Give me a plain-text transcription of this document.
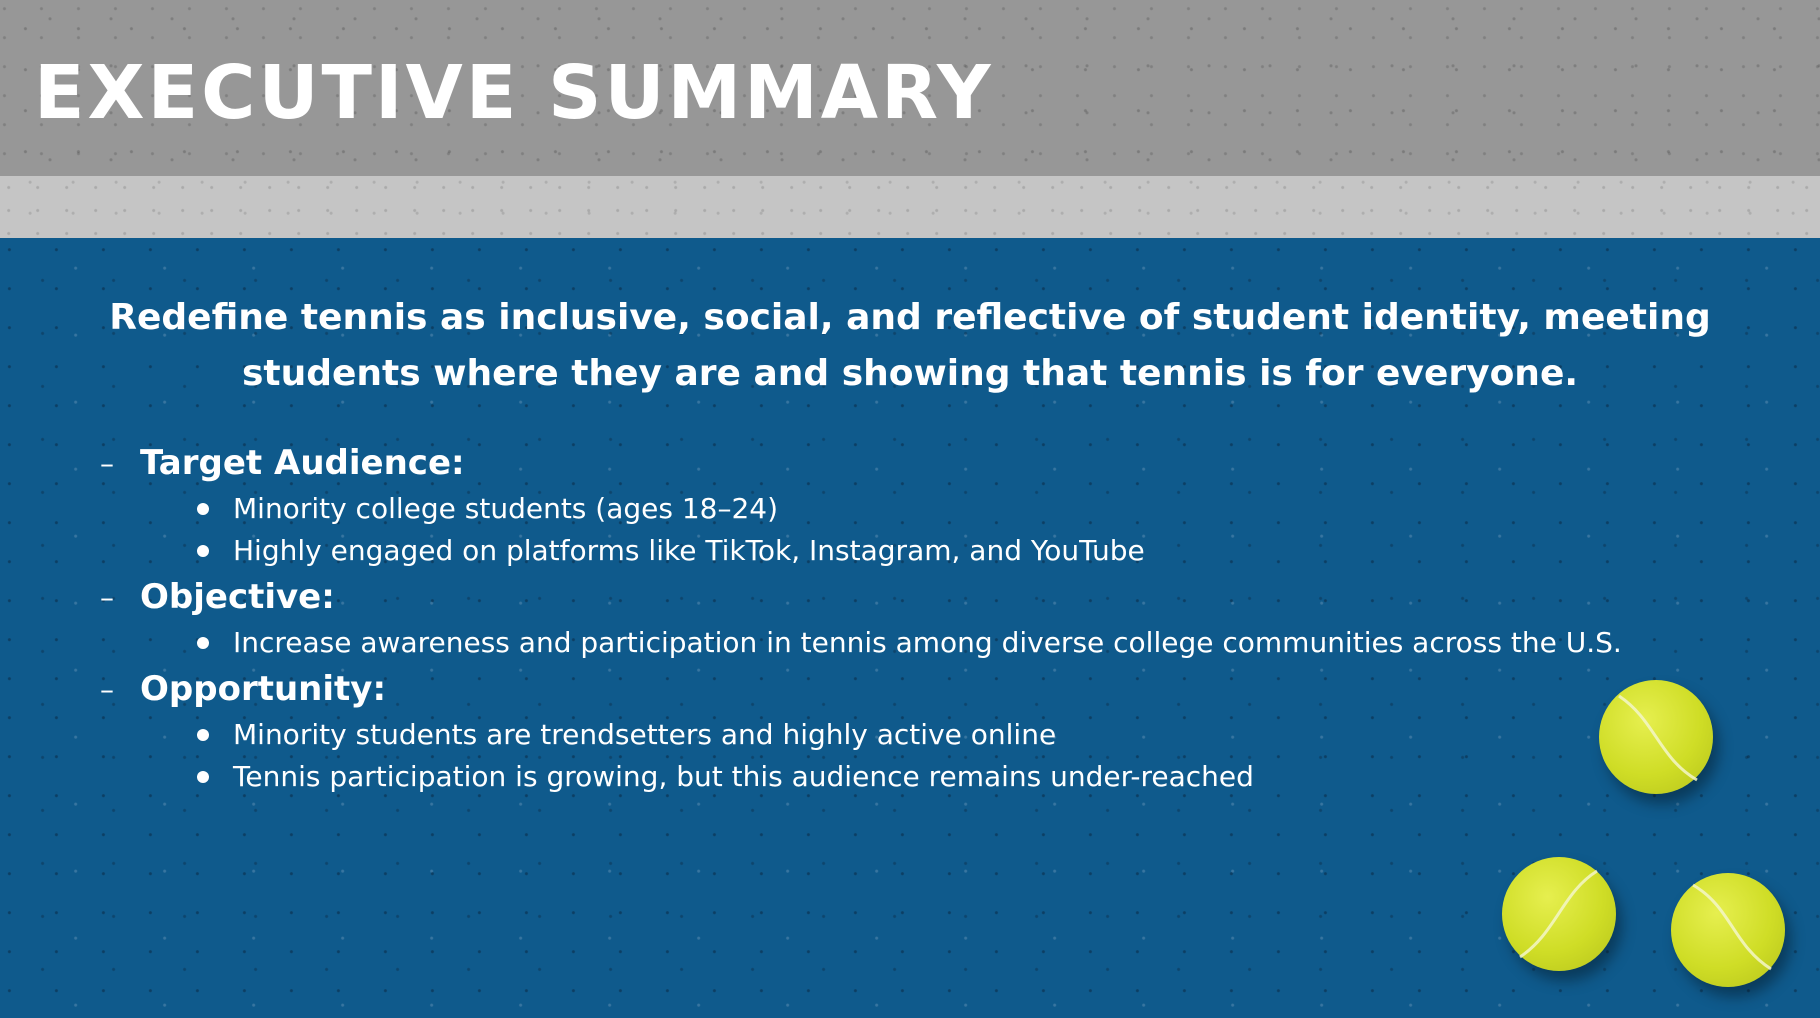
EXECUTIVE SUMMARY

Redefine tennis as inclusive, social, and reflective of student identity, meeting students where they are and showing that tennis is for everyone.

– Target Audience:
Minority college students (ages 18–24)
Highly engaged on platforms like TikTok, Instagram, and YouTube
– Objective:
Increase awareness and participation in tennis among diverse college communities across the U.S.
– Opportunity:
Minority students are trendsetters and highly active online
Tennis participation is growing, but this audience remains under-reached
